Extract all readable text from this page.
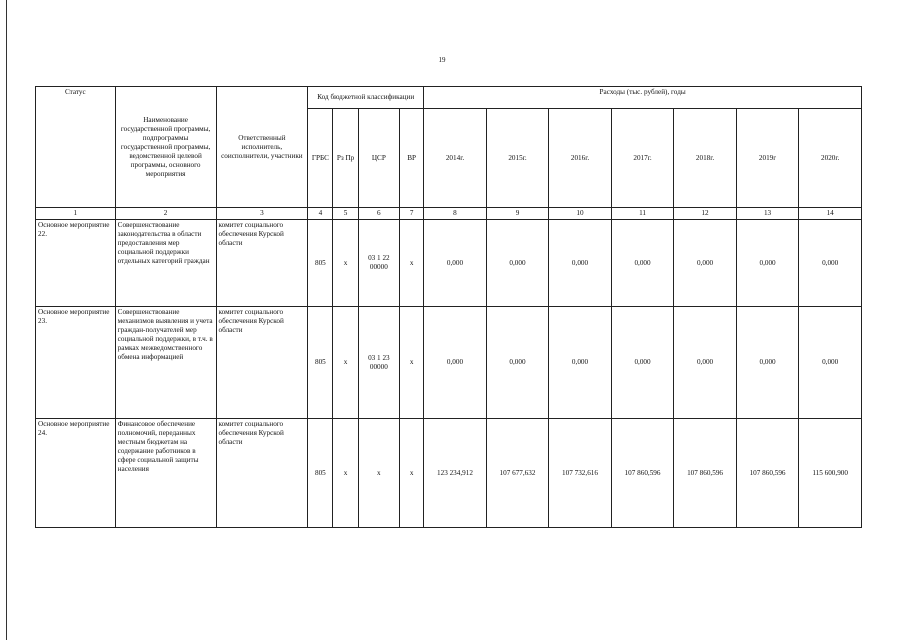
19
Статус	Наименование государственной программы, подпрограммы государственной программы, ведомственной целевой программы, основного мероприятия	Ответственный исполнитель, соисполнители, участники	Код бюджетной классификации				Расходы (тыс. рублей), годы						
			ГРБС	Рз Пр	ЦСР	ВР	2014г.	2015г.	2016г.	2017г.	2018г.	2019г	2020г.
1	2	3	4	5	6	7	8	9	10	11	12	13	14
Основное мероприятие 22.	Совершенствование законодательства в области предоставления мер социальной поддержки отдельных категорий граждан	комитет социального обеспечения Курской области	805	х	03 1 22 00000	х	0,000	0,000	0,000	0,000	0,000	0,000	0,000
Основное мероприятие 23.	Совершенствование механизмов выявления и учета граждан-получателей мер социальной поддержки, в т.ч. в рамках межведомственного обмена информацией	комитет социального обеспечения Курской области	805	х	03 1 23 00000	х	0,000	0,000	0,000	0,000	0,000	0,000	0,000
Основное мероприятие 24.	Финансовое обеспечение полномочий, переданных местным бюджетам на содержание работников в сфере социальной защиты населения	комитет социального обеспечения Курской области	805	х	х	х	123 234,912	107 677,632	107 732,616	107 860,596	107 860,596	107 860,596	115 600,900
